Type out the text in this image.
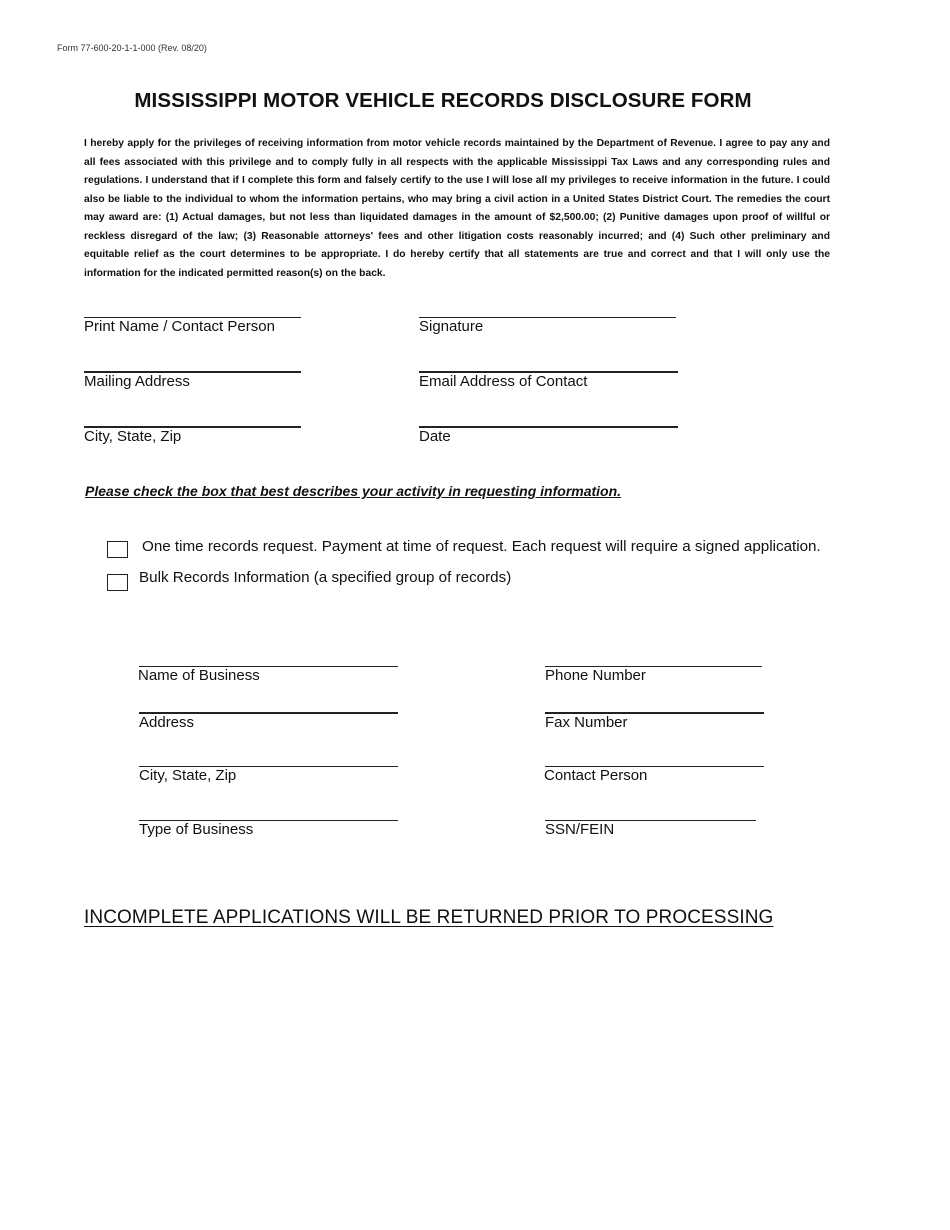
Form 77-600-20-1-1-000 (Rev. 08/20)
MISSISSIPPI MOTOR VEHICLE RECORDS DISCLOSURE FORM

I hereby apply for the privileges of receiving information from motor vehicle records maintained by the Department of Revenue. I agree to pay any and all fees associated with this privilege and to comply fully in all respects with the applicable Mississippi Tax Laws and any corresponding rules and regulations. I understand that if I complete this form and falsely certify to the use I will lose all my privileges to receive information in the future. I could also be liable to the individual to whom the information pertains, who may bring a civil action in a United States District Court. The remedies the court may award are: (1) Actual damages, but not less than liquidated damages in the amount of $2,500.00; (2) Punitive damages upon proof of willful or reckless disregard of the law; (3) Reasonable attorneys' fees and other litigation costs reasonably incurred; and (4) Such other preliminary and equitable relief as the court determines to be appropriate. I do hereby certify that all statements are true and correct and that I will only use the information for the indicated permitted reason(s) on the back.

Print Name / Contact Person	Signature
Mailing Address	Email Address of Contact
City, State, Zip	Date
Please check the box that best describes your activity in requesting information.
One time records request. Payment at time of request. Each request will require a signed application.
Bulk Records Information (a specified group of records)
Name of Business	Phone Number
Address	Fax Number
City, State, Zip	Contact Person
Type of Business	SSN/FEIN
INCOMPLETE APPLICATIONS WILL BE RETURNED PRIOR TO PROCESSING
